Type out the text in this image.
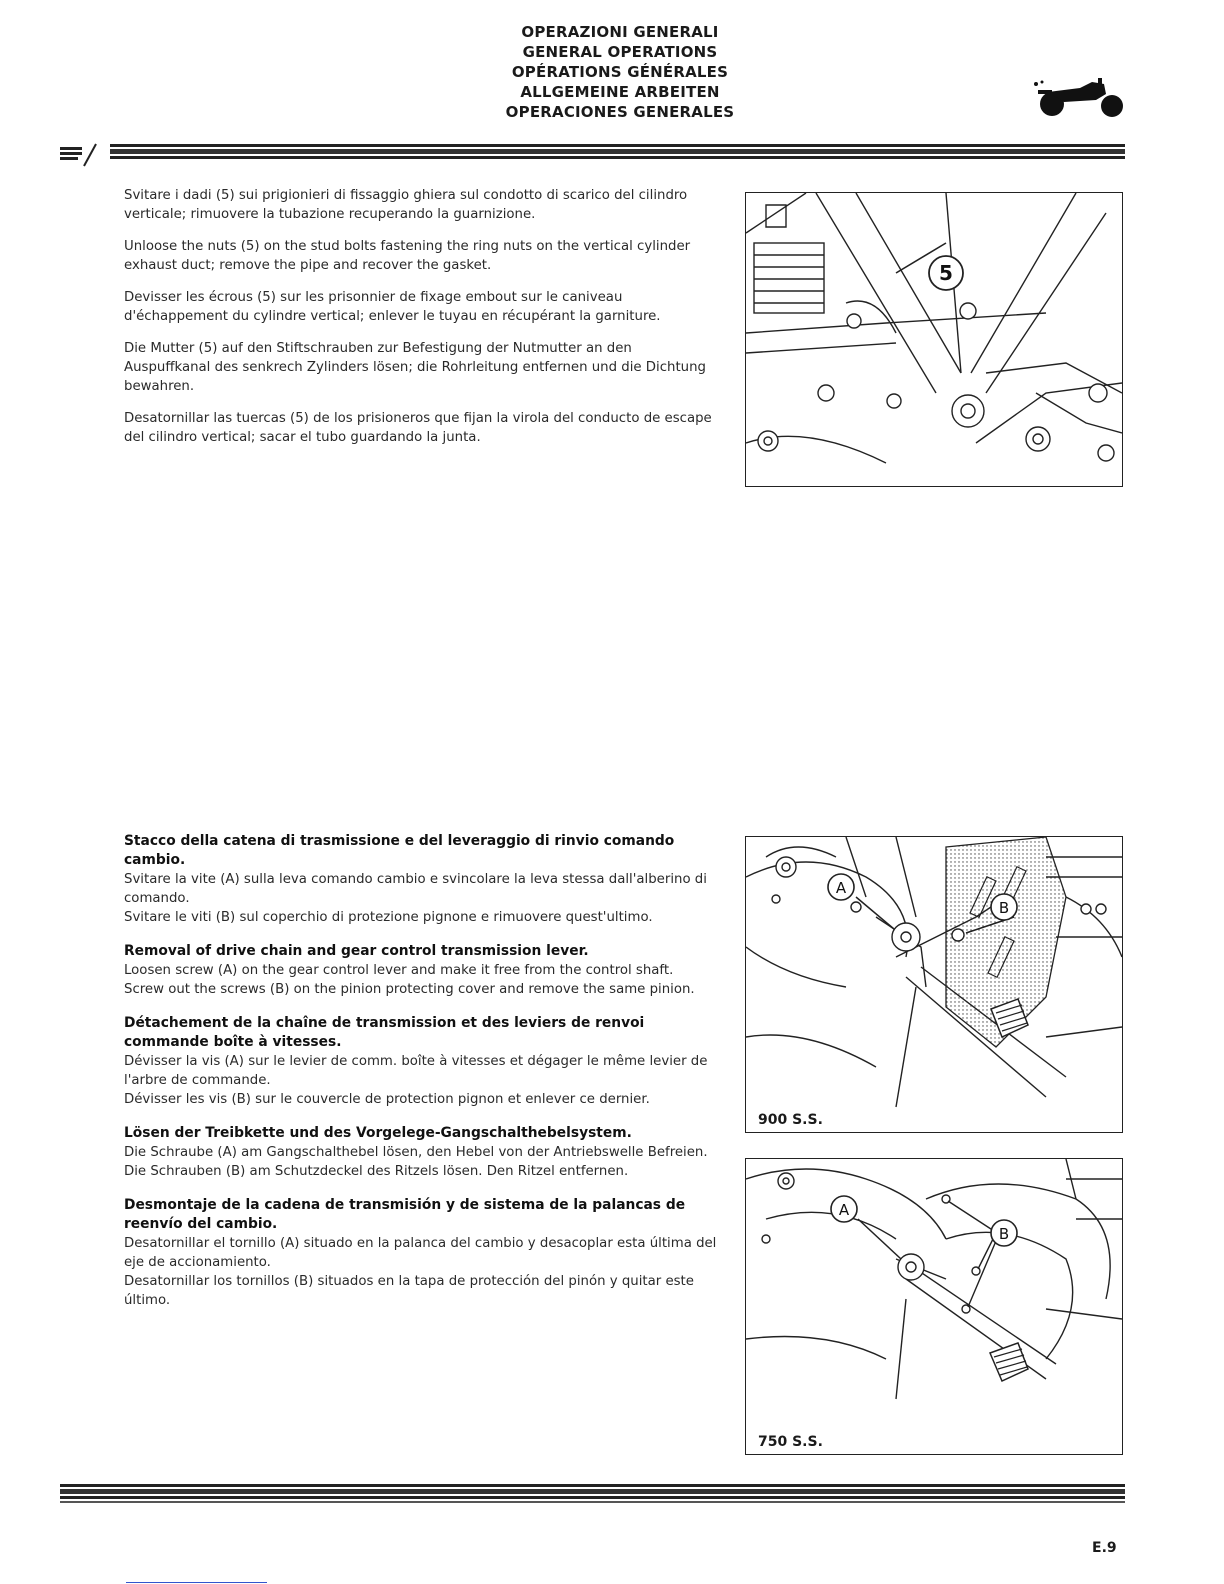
OPERAZIONI GENERALI
GENERAL OPERATIONS
OPÉRATIONS GÉNÉRALES
ALLGEMEINE ARBEITEN
OPERACIONES GENERALES

Svitare i dadi (5) sui prigionieri di fissaggio ghiera sul condotto di scarico del cilindro verticale; rimuovere la tubazione recuperando la guarnizione.

Unloose the nuts (5) on the stud bolts fastening the ring nuts on the vertical cylinder exhaust duct; remove the pipe and recover the gasket.

Devisser les écrous (5) sur les prisonnier de fixage embout sur le caniveau d'échappement du cylindre vertical; enlever le tuyau en récupérant la garniture.

Die Mutter (5) auf den Stiftschrauben zur Befestigung der Nutmutter an den Auspuffkanal des senkrech Zylinders lösen; die Rohrleitung entfernen und die Dichtung bewahren.

Desatornillar las tuercas (5) de los prisioneros que fijan la virola del conducto de escape del cilindro vertical; sacar el tubo guardando la junta.

5

Stacco della catena di trasmissione e del leveraggio di rinvio comando cambio.

Svitare la vite (A) sulla leva comando cambio e svincolare la leva stessa dall'alberino di comando.

Svitare le viti (B) sul coperchio di protezione pignone e rimuovere quest'ultimo.

Removal of drive chain and gear control transmission lever.

Loosen screw (A) on the gear control lever and make it free from the control shaft.

Screw out the screws (B) on the pinion protecting cover and remove the same pinion.

Détachement de la chaîne de transmission et des leviers de renvoi commande boîte à vitesses.

Dévisser la vis (A) sur le levier de comm. boîte à vitesses et dégager le même levier de l'arbre de commande.

Dévisser les vis (B) sur le couvercle de protection pignon et enlever ce dernier.

Lösen der Treibkette und des Vorgelege-Gangschalthebelsystem.

Die Schraube (A) am Gangschalthebel lösen, den Hebel von der Antriebswelle Befreien. Die Schrauben (B) am Schutzdeckel des Ritzels lösen. Den Ritzel entfernen.

Desmontaje de la cadena de transmisión y de sistema de la palancas de reenvío del cambio.

Desatornillar el tornillo (A) situado en la palanca del cambio y desacoplar esta última del eje de accionamiento.

Desatornillar los tornillos (B) situados en la tapa de protección del pinón y quitar este último.

A
B
900 S.S.
A
B
750 S.S.
E.9
